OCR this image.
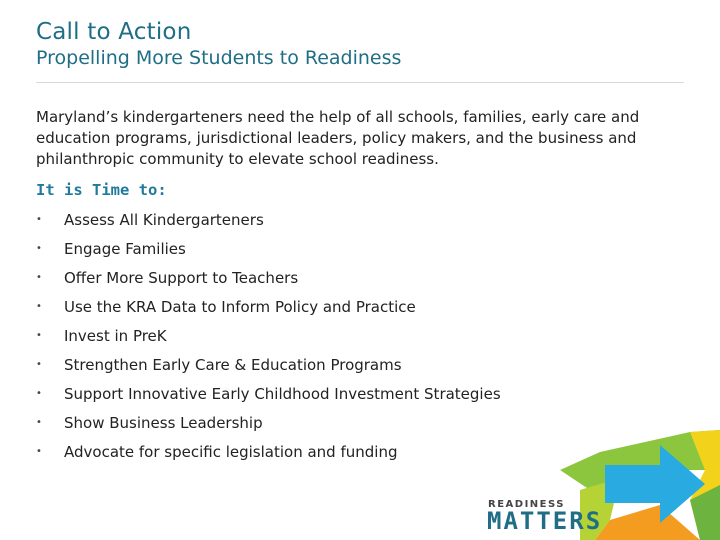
Call to Action
Propelling More Students to Readiness
Maryland’s kindergarteners need the help of all schools, families, early care and education programs, jurisdictional leaders, policy makers, and the business and philanthropic community to elevate school readiness.
It is Time to:
•	Assess All Kindergarteners
•	Engage Families
•	Offer More Support to Teachers
•	Use the KRA Data to Inform Policy and Practice
•	Invest in PreK
•	Strengthen Early Care & Education Programs
•	Support Innovative Early Childhood Investment Strategies
•	Show Business Leadership
•	Advocate for specific legislation and funding
READINESS
MATTERS
